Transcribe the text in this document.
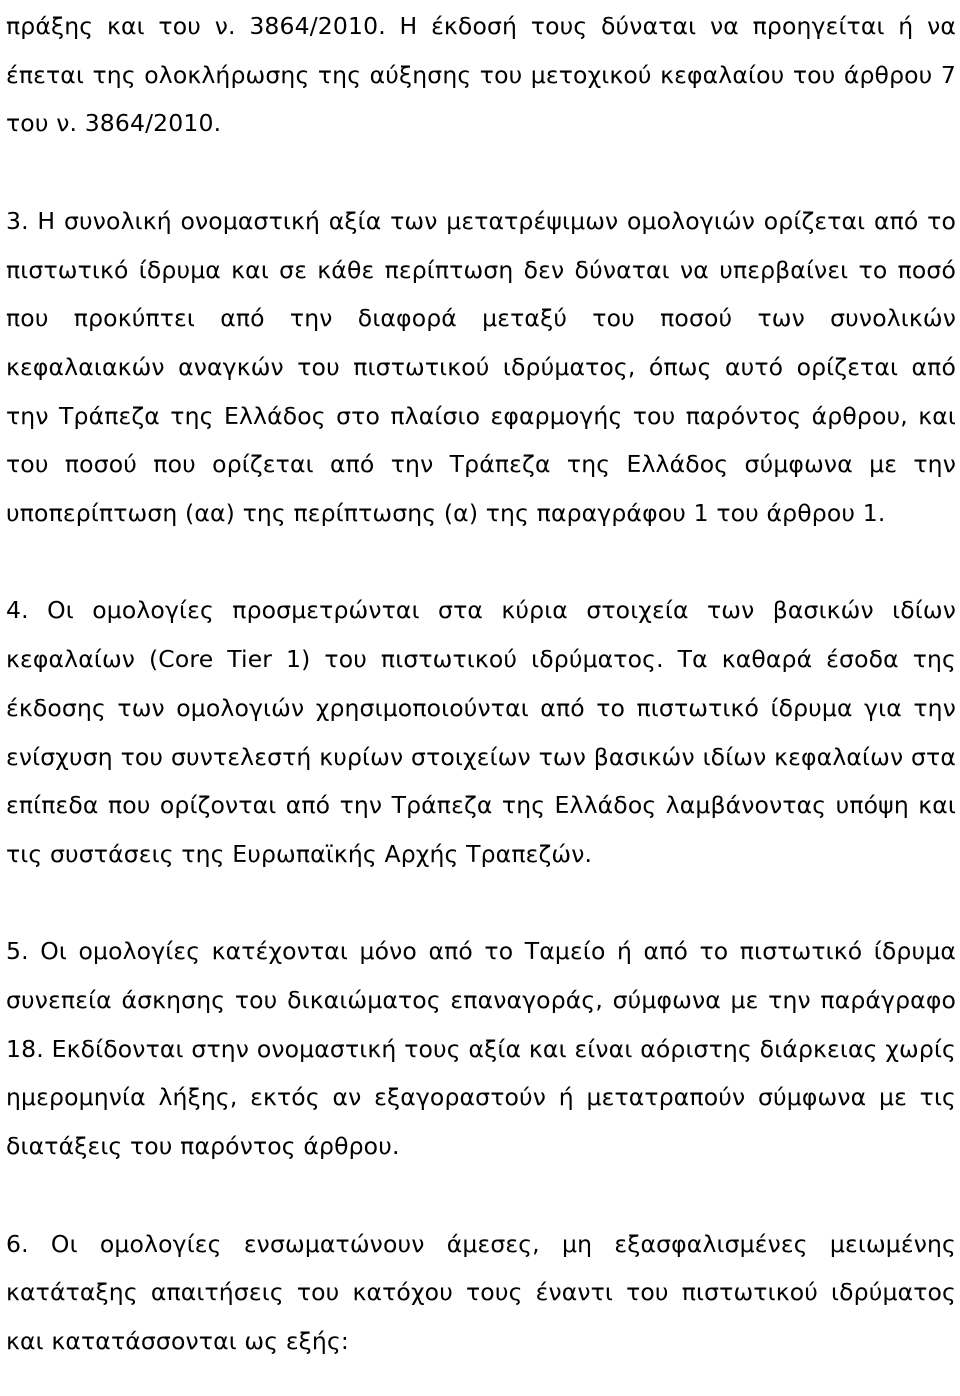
πράξης και του ν. 3864/2010. Η έκδοσή τους δύναται να προηγείται ή να έπεται της ολοκλήρωσης της αύξησης του μετοχικού κεφαλαίου του άρθρου 7 του ν. 3864/2010.

3. Η συνολική ονομαστική αξία των μετατρέψιμων ομολογιών ορίζεται από το πιστωτικό ίδρυμα και σε κάθε περίπτωση δεν δύναται να υπερβαίνει το ποσό που προκύπτει από την διαφορά μεταξύ του ποσού των συνολικών κεφαλαιακών αναγκών του πιστωτικού ιδρύματος, όπως αυτό ορίζεται από την Τράπεζα της Ελλάδος στο πλαίσιο εφαρμογής του παρόντος άρθρου, και του ποσού που ορίζεται από την Τράπεζα της Ελλάδος σύμφωνα με την υποπερίπτωση (αα) της περίπτωσης (α) της παραγράφου 1 του άρθρου 1.

4. Οι ομολογίες προσμετρώνται στα κύρια στοιχεία των βασικών ιδίων κεφαλαίων (Core Tier 1) του πιστωτικού ιδρύματος. Τα καθαρά έσοδα της έκδοσης των ομολογιών χρησιμοποιούνται από το πιστωτικό ίδρυμα για την ενίσχυση του συντελεστή κυρίων στοιχείων των βασικών ιδίων κεφαλαίων στα επίπεδα που ορίζονται από την Τράπεζα της Ελλάδος λαμβάνοντας υπόψη και τις συστάσεις της Ευρωπαϊκής Αρχής Τραπεζών.

5. Οι ομολογίες κατέχονται μόνο από το Ταμείο ή από το πιστωτικό ίδρυμα συνεπεία άσκησης του δικαιώματος επαναγοράς, σύμφωνα με την παράγραφο 18. Εκδίδονται στην ονομαστική τους αξία και είναι αόριστης διάρκειας χωρίς ημερομηνία λήξης, εκτός αν εξαγοραστούν ή μετατραπούν σύμφωνα με τις διατάξεις του παρόντος άρθρου.

6. Οι ομολογίες ενσωματώνουν άμεσες, μη εξασφαλισμένες μειωμένης κατάταξης απαιτήσεις του κατόχου τους έναντι του πιστωτικού ιδρύματος και κατατάσσονται ως εξής:
